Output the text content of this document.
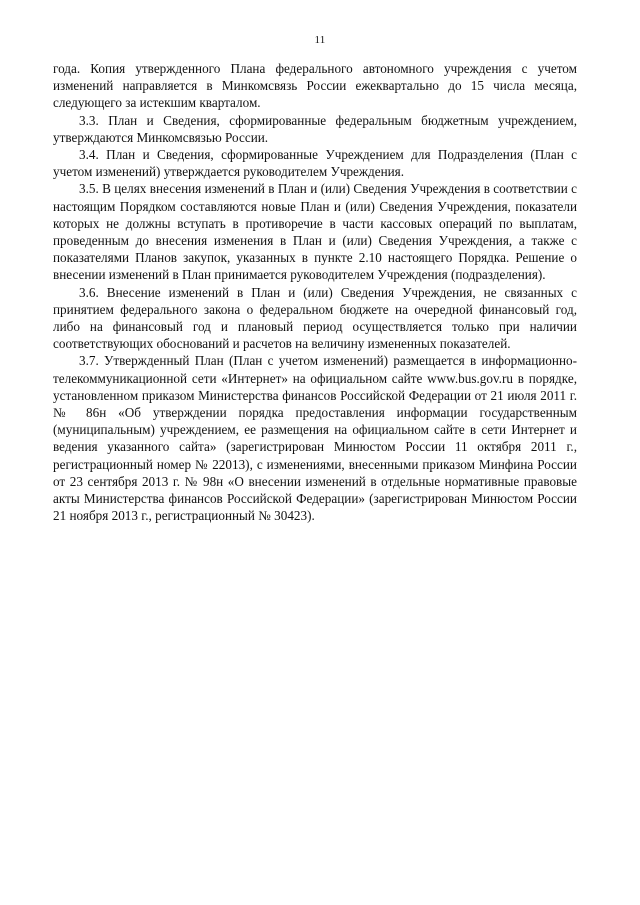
11

года. Копия утвержденного Плана федерального автономного учреждения с учетом изменений направляется в Минкомсвязь России ежеквартально до 15 числа месяца, следующего за истекшим кварталом.

3.3. План и Сведения, сформированные федеральным бюджетным учреждением, утверждаются Минкомсвязью России.

3.4. План и Сведения, сформированные Учреждением для Подразделения (План с учетом изменений) утверждается руководителем Учреждения.

3.5. В целях внесения изменений в План и (или) Сведения Учреждения в соответствии с настоящим Порядком составляются новые План и (или) Сведения Учреждения, показатели которых не должны вступать в противоречие в части кассовых операций по выплатам, проведенным до внесения изменения в План и (или) Сведения Учреждения, а также с показателями Планов закупок, указанных в пункте 2.10 настоящего Порядка. Решение о внесении изменений в План принимается руководителем Учреждения (подразделения).

3.6. Внесение изменений в План и (или) Сведения Учреждения, не связанных с принятием федерального закона о федеральном бюджете на очередной финансовый год, либо на финансовый год и плановый период осуществляется только при наличии соответствующих обоснований и расчетов на величину измененных показателей.

3.7. Утвержденный План (План с учетом изменений) размещается в информационно-телекоммуникационной сети «Интернет» на официальном сайте www.bus.gov.ru в порядке, установленном приказом Министерства финансов Российской Федерации от 21 июля 2011 г. № 86н «Об утверждении порядка предоставления информации государственным (муниципальным) учреждением, ее размещения на официальном сайте в сети Интернет и ведения указанного сайта» (зарегистрирован Минюстом России 11 октября 2011 г., регистрационный номер № 22013), с изменениями, внесенными приказом Минфина России от 23 сентября 2013 г. № 98н «О внесении изменений в отдельные нормативные правовые акты Министерства финансов Российской Федерации» (зарегистрирован Минюстом России 21 ноября 2013 г., регистрационный № 30423).
